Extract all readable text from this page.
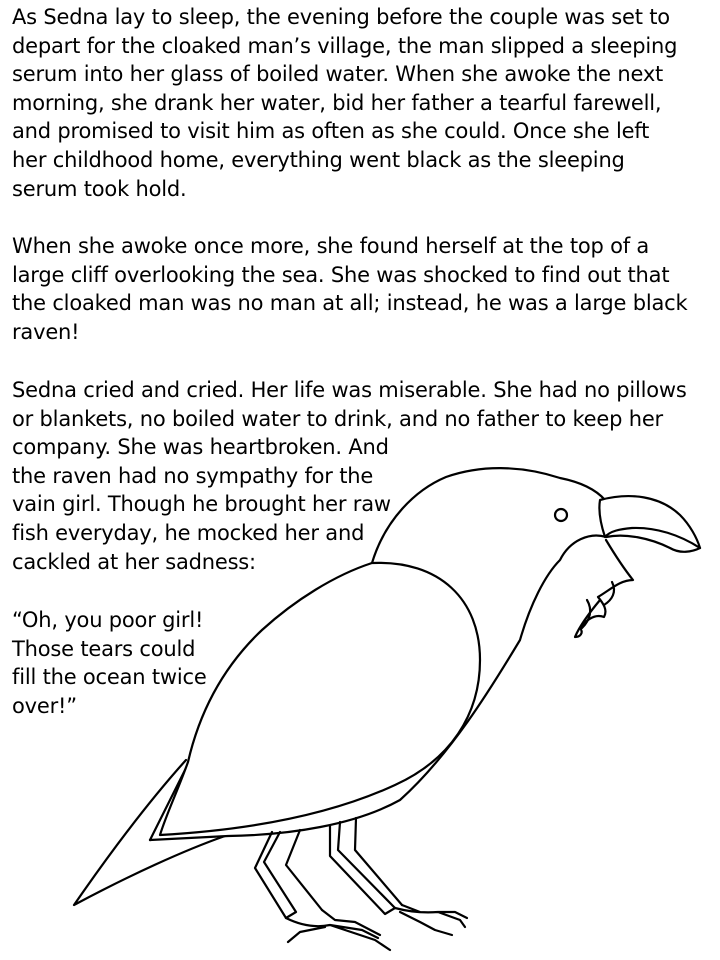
As Sedna lay to sleep, the evening before the couple was set to
depart for the cloaked man’s village, the man slipped a sleeping
serum into her glass of boiled water. When she awoke the next
morning, she drank her water, bid her father a tearful farewell,
and promised to visit him as often as she could. Once she left
her childhood home, everything went black as the sleeping
serum took hold.

When she awoke once more, she found herself at the top of a
large cliff overlooking the sea. She was shocked to find out that
the cloaked man was no man at all; instead, he was a large black
raven!

Sedna cried and cried. Her life was miserable. She had no pillows
or blankets, no boiled water to drink, and no father to keep her
company. She was heartbroken. And
the raven had no sympathy for the
vain girl. Though he brought her raw
fish everyday, he mocked her and
cackled at her sadness:

“Oh, you poor girl!
Those tears could
fill the ocean twice
over!”
